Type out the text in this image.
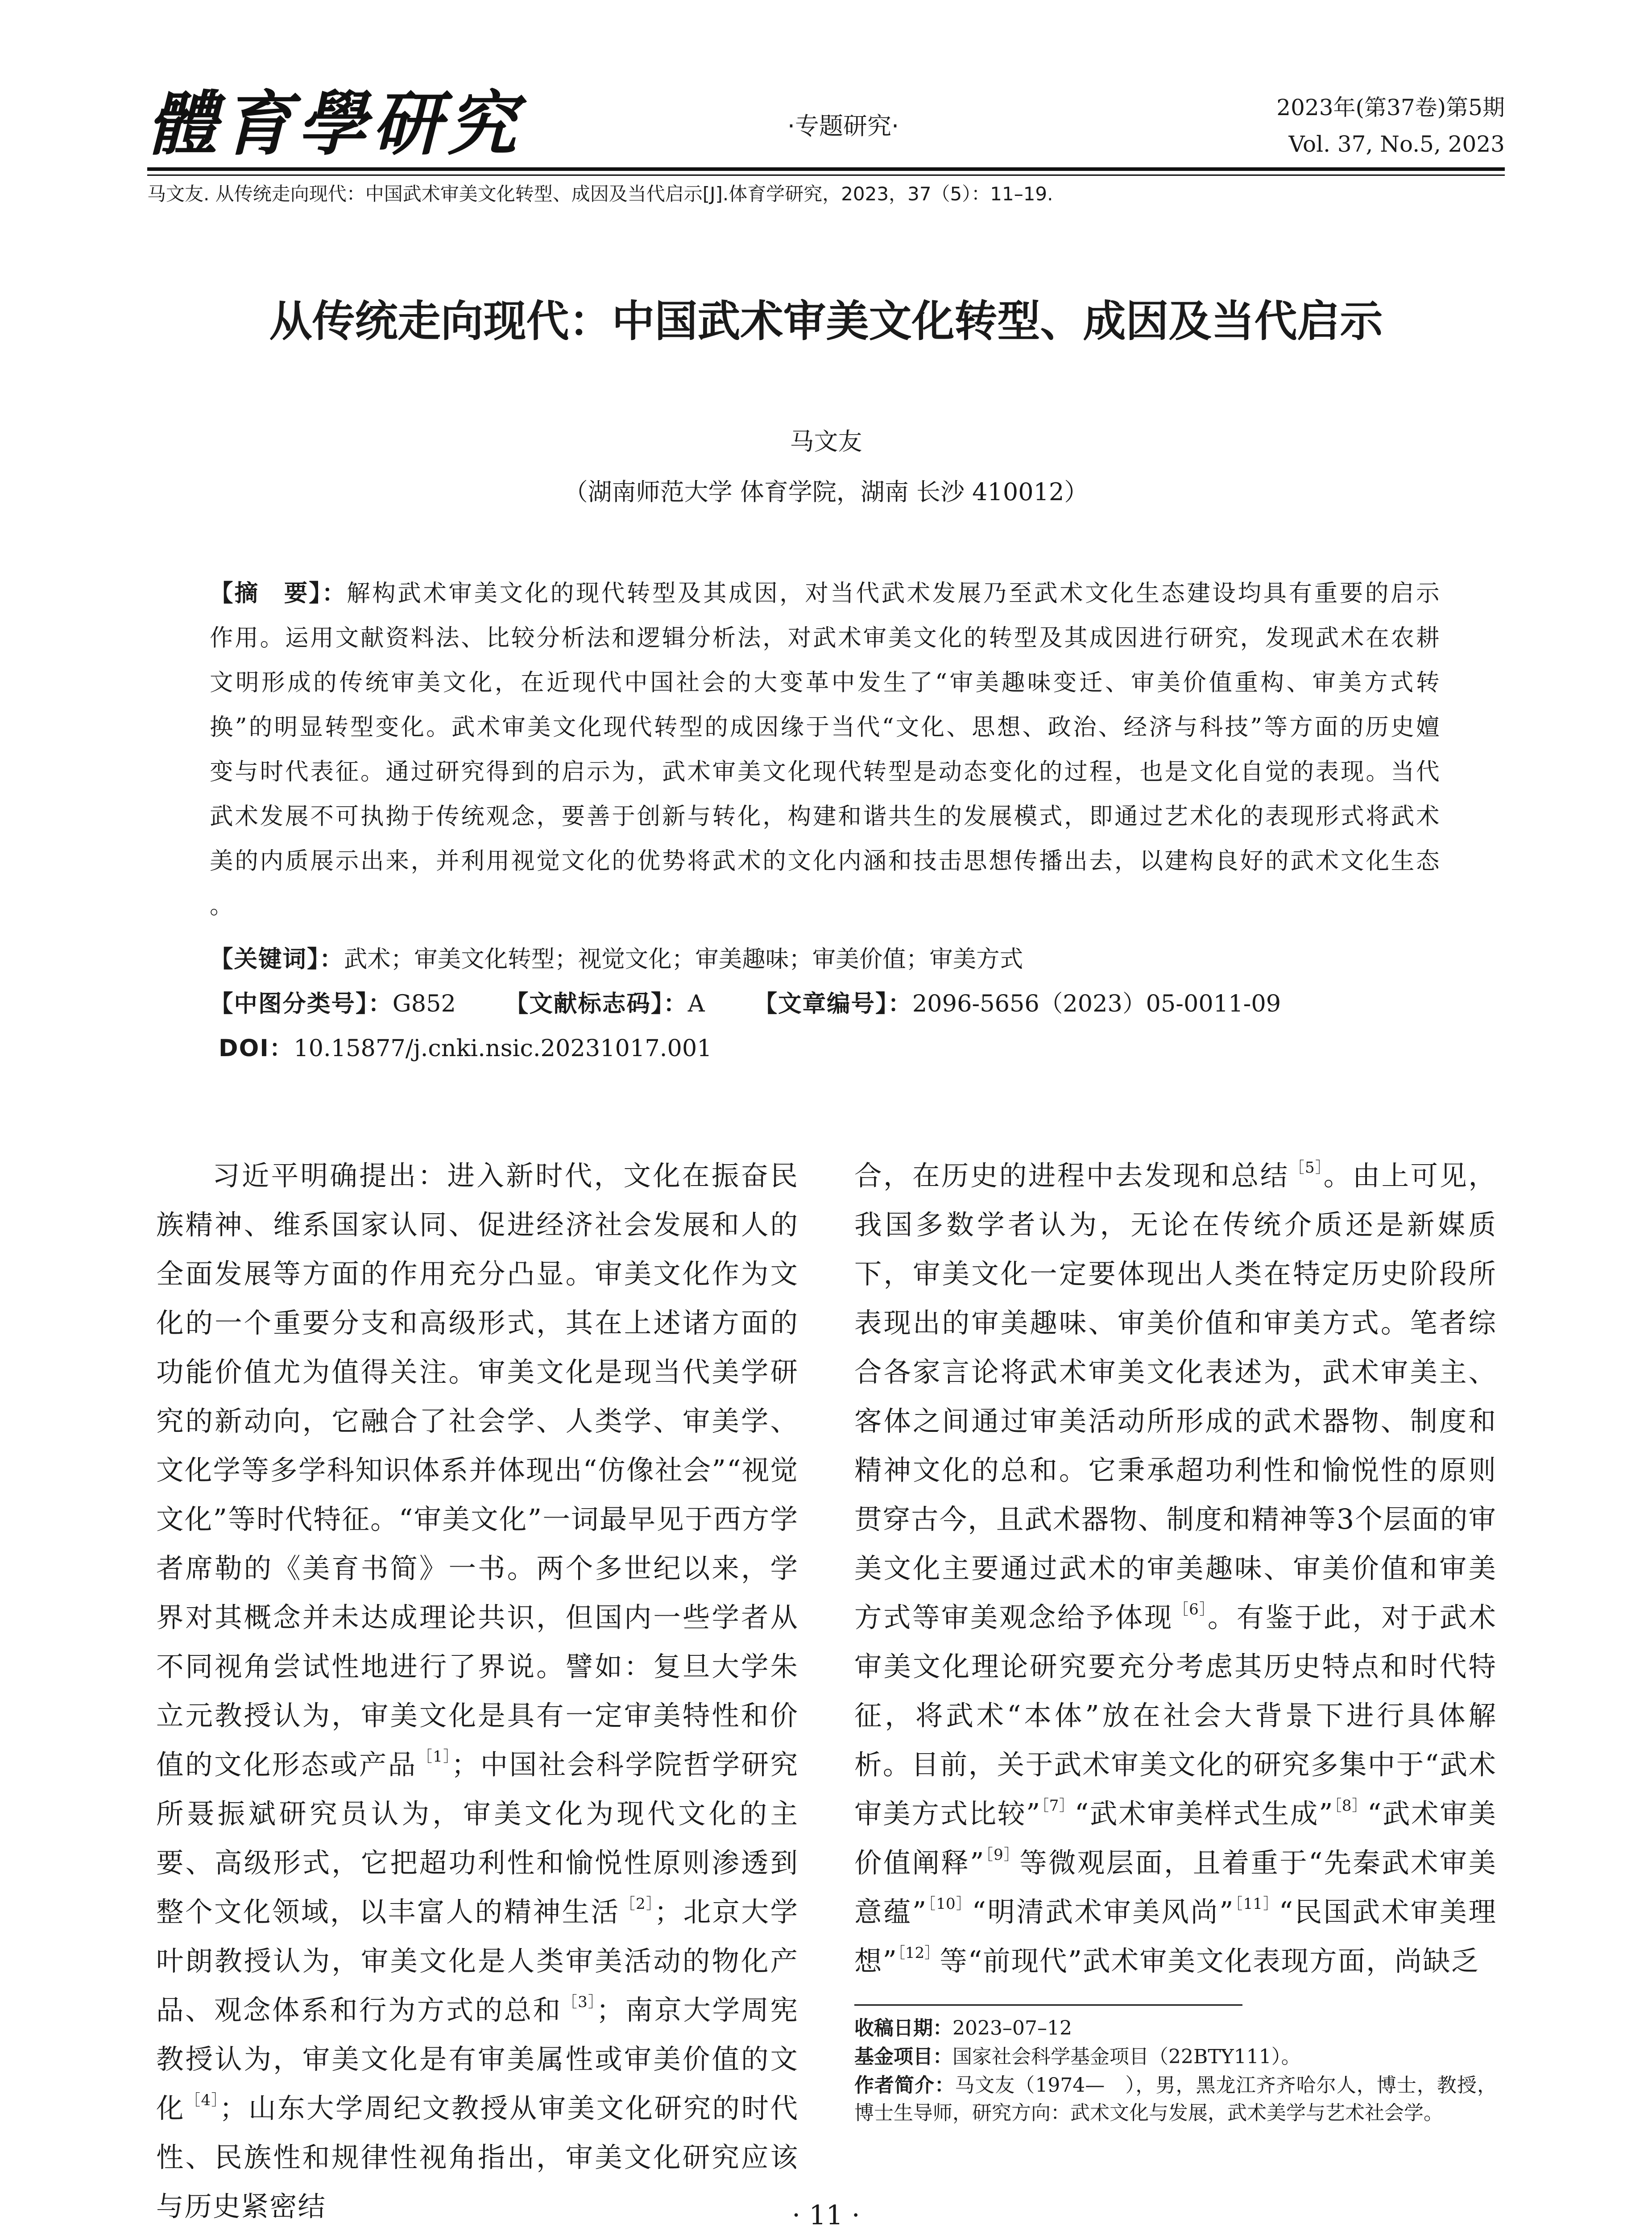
體育學研究	·专题研究·
2023年(第37卷)第5期
Vol. 37, No.5, 2023
马文友. 从传统走向现代：中国武术审美文化转型、成因及当代启示[J].体育学研究，2023，37（5）：11–19.
从传统走向现代：中国武术审美文化转型、成因及当代启示
马文友
（湖南师范大学 体育学院，湖南 长沙 410012）
【摘　要】：解构武术审美文化的现代转型及其成因，对当代武术发展乃至武术文化生态建设均具有重要的启示作用。运用文献资料法、比较分析法和逻辑分析法，对武术审美文化的转型及其成因进行研究，发现武术在农耕文明形成的传统审美文化，在近现代中国社会的大变革中发生了“审美趣味变迁、审美价值重构、审美方式转换”的明显转型变化。武术审美文化现代转型的成因缘于当代“文化、思想、政治、经济与科技”等方面的历史嬗变与时代表征。通过研究得到的启示为，武术审美文化现代转型是动态变化的过程，也是文化自觉的表现。当代武术发展不可执拗于传统观念，要善于创新与转化，构建和谐共生的发展模式，即通过艺术化的表现形式将武术美的内质展示出来，并利用视觉文化的优势将武术的文化内涵和技击思想传播出去，以建构良好的武术文化生态 。
【关键词】：武术；审美文化转型；视觉文化；审美趣味；审美价值；审美方式
【中图分类号】：G852 【文献标志码】：A 【文章编号】：2096-5656（2023）05-0011-09
DOI：10.15877/j.cnki.nsic.20231017.001
习近平明确提出：进入新时代，文化在振奋民族精神、维系国家认同、促进经济社会发展和人的全面发展等方面的作用充分凸显。审美文化作为文化的一个重要分支和高级形式，其在上述诸方面的功能价值尤为值得关注。审美文化是现当代美学研究的新动向，它融合了社会学、人类学、审美学、文化学等多学科知识体系并体现出“仿像社会”“视觉文化”等时代特征。“审美文化”一词最早见于西方学者席勒的《美育书简》一书。两个多世纪以来，学界对其概念并未达成理论共识，但国内一些学者从不同视角尝试性地进行了界说。譬如：复旦大学朱立元教授认为，审美文化是具有一定审美特性和价值的文化形态或产品$^{[1]}$；中国社会科学院哲学研究所聂振斌研究员认为，审美文化为现代文化的主要、高级形式，它把超功利性和愉悦性原则渗透到整个文化领域，以丰富人的精神生活$^{[2]}$；北京大学叶朗教授认为，审美文化是人类审美活动的物化产品、观念体系和行为方式的总和$^{[3]}$；南京大学周宪教授认为，审美文化是有审美属性或审美价值的文化$^{[4]}$；山东大学周纪文教授从审美文化研究的时代性、民族性和规律性视角指出，审美文化研究应该与历史紧密结
合，在历史的进程中去发现和总结$^{[5]}$。由上可见，我国多数学者认为，无论在传统介质还是新媒质下，审美文化一定要体现出人类在特定历史阶段所表现出的审美趣味、审美价值和审美方式。笔者综合各家言论将武术审美文化表述为，武术审美主、客体之间通过审美活动所形成的武术器物、制度和精神文化的总和。它秉承超功利性和愉悦性的原则贯穿古今，且武术器物、制度和精神等3个层面的审美文化主要通过武术的审美趣味、审美价值和审美方式等审美观念给予体现$^{[6]}$。有鉴于此，对于武术审美文化理论研究要充分考虑其历史特点和时代特征，将武术“本体”放在社会大背景下进行具体解析。目前，关于武术审美文化的研究多集中于“武术审美方式比较”$^{[7]}$“武术审美样式生成”$^{[8]}$“武术审美价值阐释”$^{[9]}$等微观层面，且着重于“先秦武术审美意蕴”$^{[10]}$“明清武术审美风尚”$^{[11]}$“民国武术审美理想”$^{[12]}$等“前现代”武术审美文化表现方面，尚缺乏

收稿日期：2023–07–12

基金项目：国家社会科学基金项目（22BTY111）。

作者简介：马文友（1974—　），男，黑龙江齐齐哈尔人，博士，教授，博士生导师，研究方向：武术文化与发展，武术美学与艺术社会学。

· 11 ·
